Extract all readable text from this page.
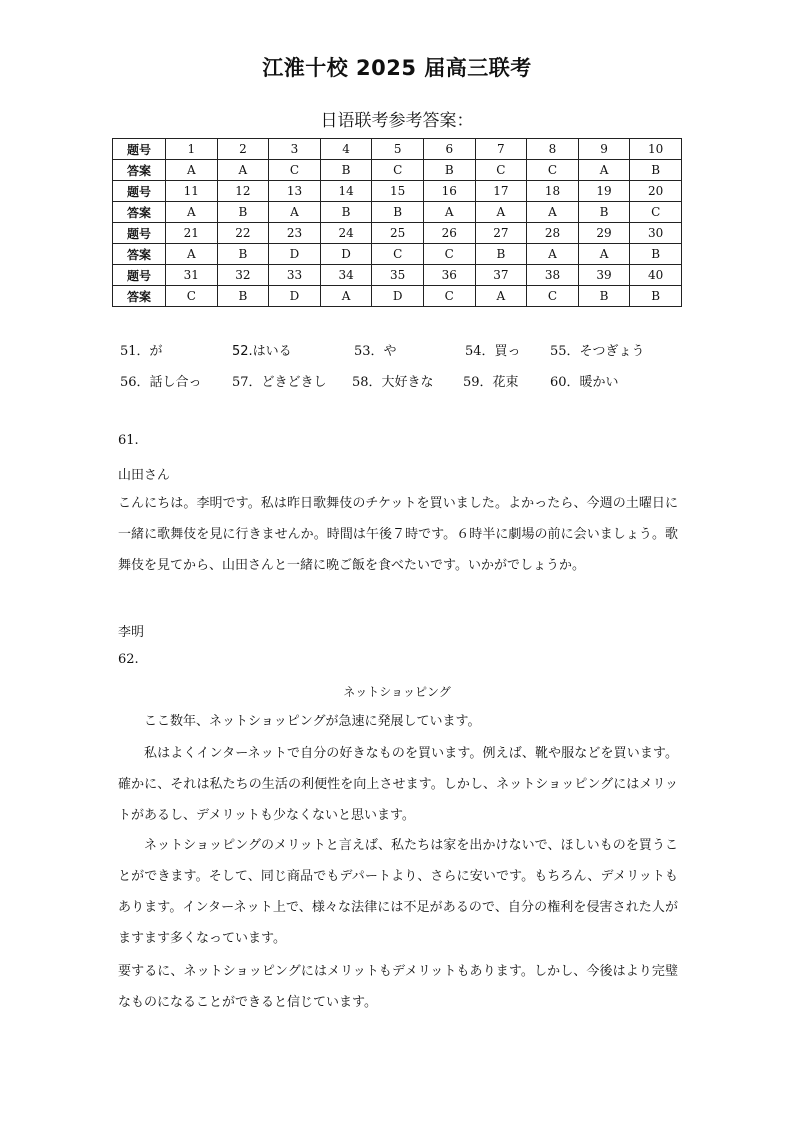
江淮十校 2025 届高三联考
日语联考参考答案：
题号	1	2	3	4	5	6	7	8	9	10
答案	A	A	C	B	C	B	C	C	A	B
题号	11	12	13	14	15	16	17	18	19	20
答案	A	B	A	B	B	A	A	A	B	C
题号	21	22	23	24	25	26	27	28	29	30
答案	A	B	D	D	C	C	B	A	A	B
题号	31	32	33	34	35	36	37	38	39	40
答案	C	B	D	A	D	C	A	C	B	B
51．が	52.はいる	53．や	54．買っ 55．そつぎょう
56．話し合っ 57．どきどきし 58．大好きな 59．花束 60．暖かい
61.
山田さん
こんにちは。李明です。私は昨日歌舞伎のチケットを買いました。よかったら、今週の土曜日に一緒に歌舞伎を見に行きませんか。時間は午後７時です。６時半に劇場の前に会いましょう。歌舞伎を見てから、山田さんと一緒に晩ご飯を食べたいです。いかがでしょうか。
李明
62.
ネットショッピング
ここ数年、ネットショッピングが急速に発展しています。
私はよくインターネットで自分の好きなものを買います。例えば、靴や服などを買います。確かに、それは私たちの生活の利便性を向上させます。しかし、ネットショッピングにはメリットがあるし、デメリットも少なくないと思います。
ネットショッピングのメリットと言えば、私たちは家を出かけないで、ほしいものを買うことができます。そして、同じ商品でもデパートより、さらに安いです。もちろん、デメリットもあります。インターネット上で、様々な法律には不足があるので、自分の権利を侵害された人がますます多くなっています。
要するに、ネットショッピングにはメリットもデメリットもあります。しかし、今後はより完璧なものになることができると信じています。
